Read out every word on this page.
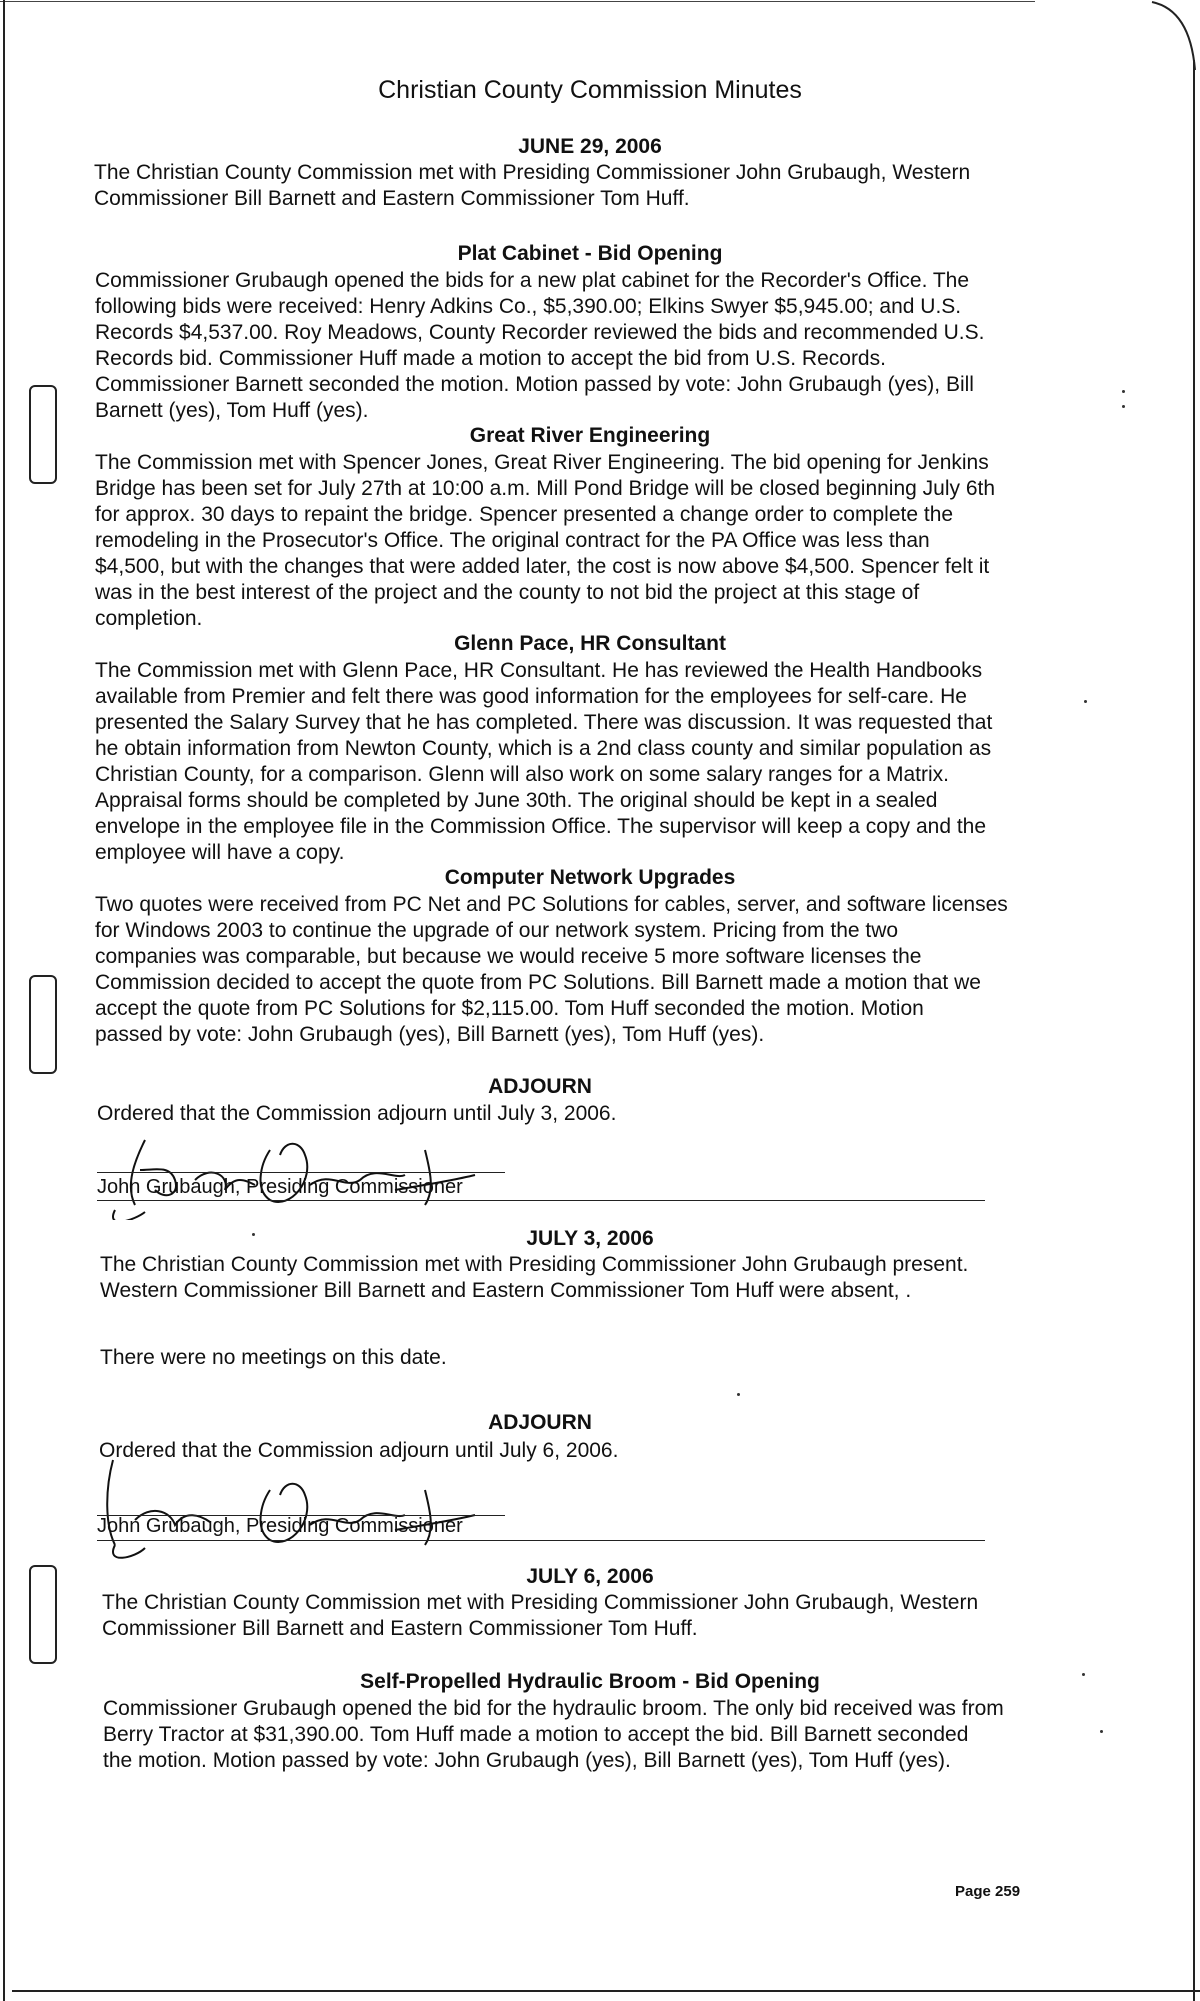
Christian County Commission Minutes
JUNE 29, 2006
The Christian County Commission met with Presiding Commissioner John Grubaugh, Western
Commissioner Bill Barnett and Eastern Commissioner Tom Huff.
Plat Cabinet - Bid Opening
Commissioner Grubaugh opened the bids for a new plat cabinet for the Recorder's Office. The
following bids were received: Henry Adkins Co., $5,390.00; Elkins Swyer $5,945.00; and U.S.
Records $4,537.00. Roy Meadows, County Recorder reviewed the bids and recommended U.S.
Records bid. Commissioner Huff made a motion to accept the bid from U.S. Records.
Commissioner Barnett seconded the motion. Motion passed by vote: John Grubaugh (yes), Bill
Barnett (yes), Tom Huff (yes).
Great River Engineering
The Commission met with Spencer Jones, Great River Engineering. The bid opening for Jenkins
Bridge has been set for July 27th at 10:00 a.m. Mill Pond Bridge will be closed beginning July 6th
for approx. 30 days to repaint the bridge. Spencer presented a change order to complete the
remodeling in the Prosecutor's Office. The original contract for the PA Office was less than
$4,500, but with the changes that were added later, the cost is now above $4,500. Spencer felt it
was in the best interest of the project and the county to not bid the project at this stage of
completion.
Glenn Pace, HR Consultant
The Commission met with Glenn Pace, HR Consultant. He has reviewed the Health Handbooks
available from Premier and felt there was good information for the employees for self-care. He
presented the Salary Survey that he has completed. There was discussion. It was requested that
he obtain information from Newton County, which is a 2nd class county and similar population as
Christian County, for a comparison. Glenn will also work on some salary ranges for a Matrix.
Appraisal forms should be completed by June 30th. The original should be kept in a sealed
envelope in the employee file in the Commission Office. The supervisor will keep a copy and the
employee will have a copy.
Computer Network Upgrades
Two quotes were received from PC Net and PC Solutions for cables, server, and software licenses
for Windows 2003 to continue the upgrade of our network system. Pricing from the two
companies was comparable, but because we would receive 5 more software licenses the
Commission decided to accept the quote from PC Solutions. Bill Barnett made a motion that we
accept the quote from PC Solutions for $2,115.00. Tom Huff seconded the motion. Motion
passed by vote: John Grubaugh (yes), Bill Barnett (yes), Tom Huff (yes).
ADJOURN
Ordered that the Commission adjourn until July 3, 2006.
John Grubaugh, Presiding Commissioner
JULY 3, 2006
The Christian County Commission met with Presiding Commissioner John Grubaugh present.
Western Commissioner Bill Barnett and Eastern Commissioner Tom Huff were absent, .
There were no meetings on this date.
ADJOURN
Ordered that the Commission adjourn until July 6, 2006.
John Grubaugh, Presiding Commissioner
JULY 6, 2006
The Christian County Commission met with Presiding Commissioner John Grubaugh, Western
Commissioner Bill Barnett and Eastern Commissioner Tom Huff.
Self-Propelled Hydraulic Broom - Bid Opening
Commissioner Grubaugh opened the bid for the hydraulic broom. The only bid received was from
Berry Tractor at $31,390.00. Tom Huff made a motion to accept the bid. Bill Barnett seconded
the motion. Motion passed by vote: John Grubaugh (yes), Bill Barnett (yes), Tom Huff (yes).
Page 259
